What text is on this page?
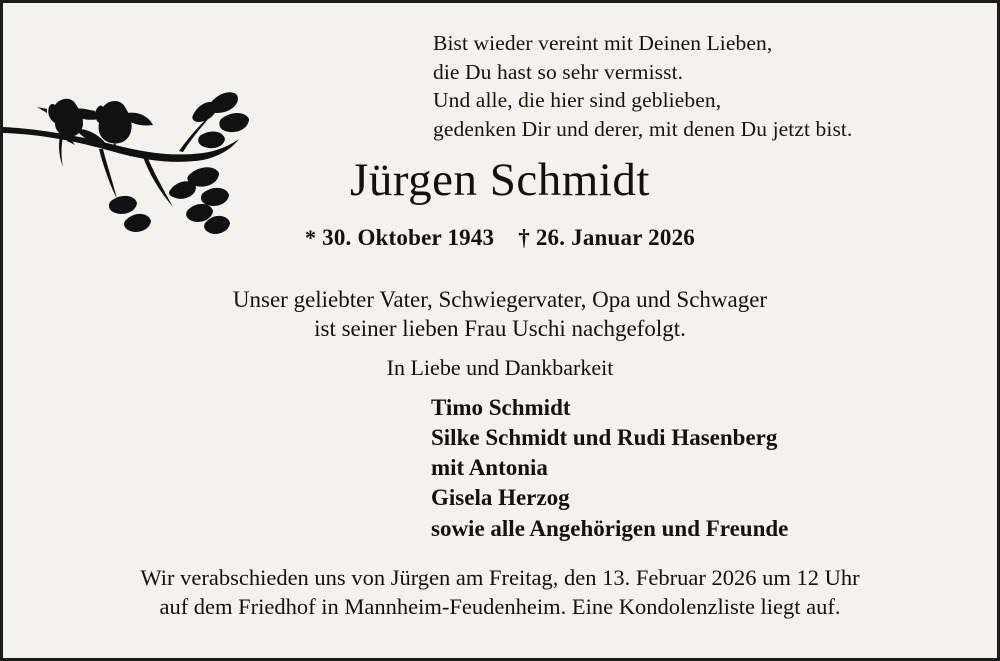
Bist wieder vereint mit Deinen Lieben,
die Du hast so sehr vermisst.
Und alle, die hier sind geblieben,
gedenken Dir und derer, mit denen Du jetzt bist.
Jürgen Schmidt
* 30. Oktober 1943 † 26. Januar 2026
Unser geliebter Vater, Schwiegervater, Opa und Schwager
ist seiner lieben Frau Uschi nachgefolgt.
In Liebe und Dankbarkeit
Timo Schmidt
Silke Schmidt und Rudi Hasenberg
mit Antonia
Gisela Herzog
sowie alle Angehörigen und Freunde
Wir verabschieden uns von Jürgen am Freitag, den 13. Februar 2026 um 12 Uhr
auf dem Friedhof in Mannheim-Feudenheim. Eine Kondolenzliste liegt auf.
